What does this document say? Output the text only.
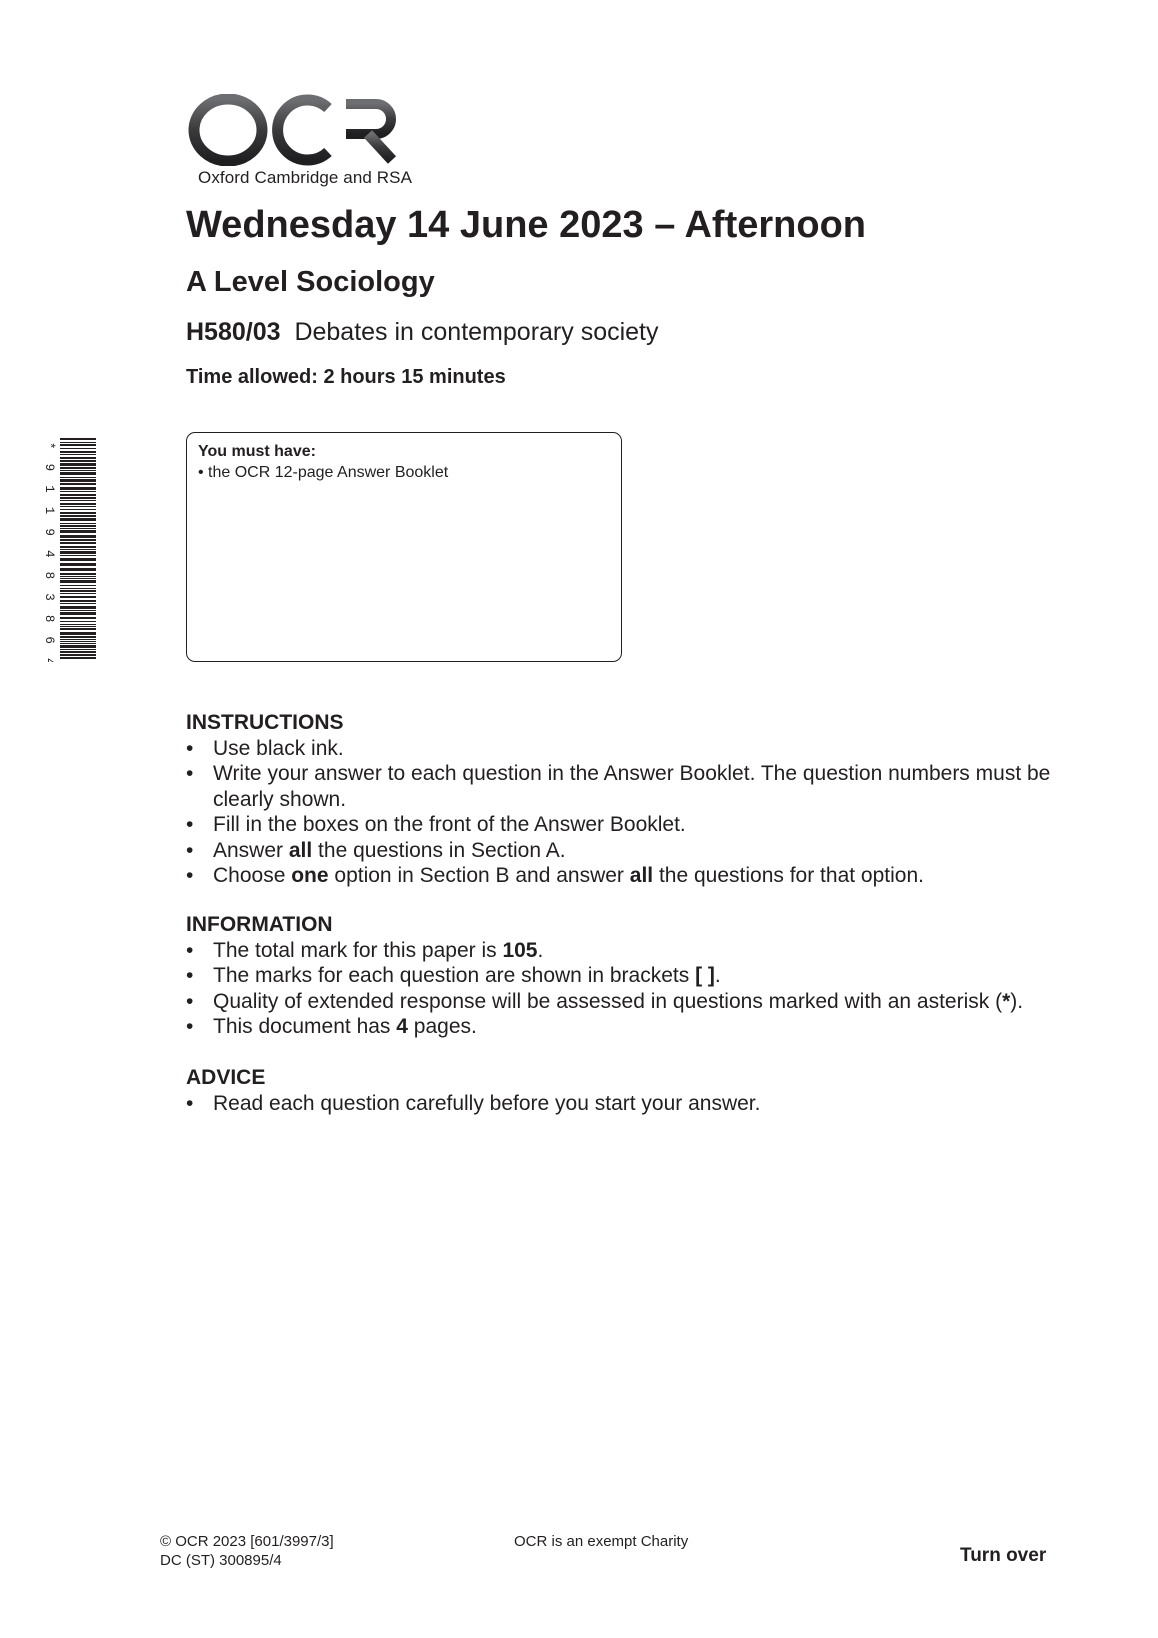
Oxford Cambridge and RSA
Wednesday 14 June 2023 – Afternoon
A Level Sociology
H580/03 Debates in contemporary society
Time allowed: 2 hours 15 minutes
* 9 1 1 9 4 8 3 8 6 4 *	You must have:
• the OCR 12-page Answer Booklet
INSTRUCTIONS
• Use black ink.
• Write your answer to each question in the Answer Booklet. The question numbers must be clearly shown.
• Fill in the boxes on the front of the Answer Booklet.
• Answer all the questions in Section A.
• Choose one option in Section B and answer all the questions for that option.
INFORMATION
• The total mark for this paper is 105.
• The marks for each question are shown in brackets [ ].
• Quality of extended response will be assessed in questions marked with an asterisk (*).
• This document has 4 pages.
ADVICE
• Read each question carefully before you start your answer.
© OCR 2023 [601/3997/3]
DC (ST) 300895/4
OCR is an exempt Charity
Turn over
